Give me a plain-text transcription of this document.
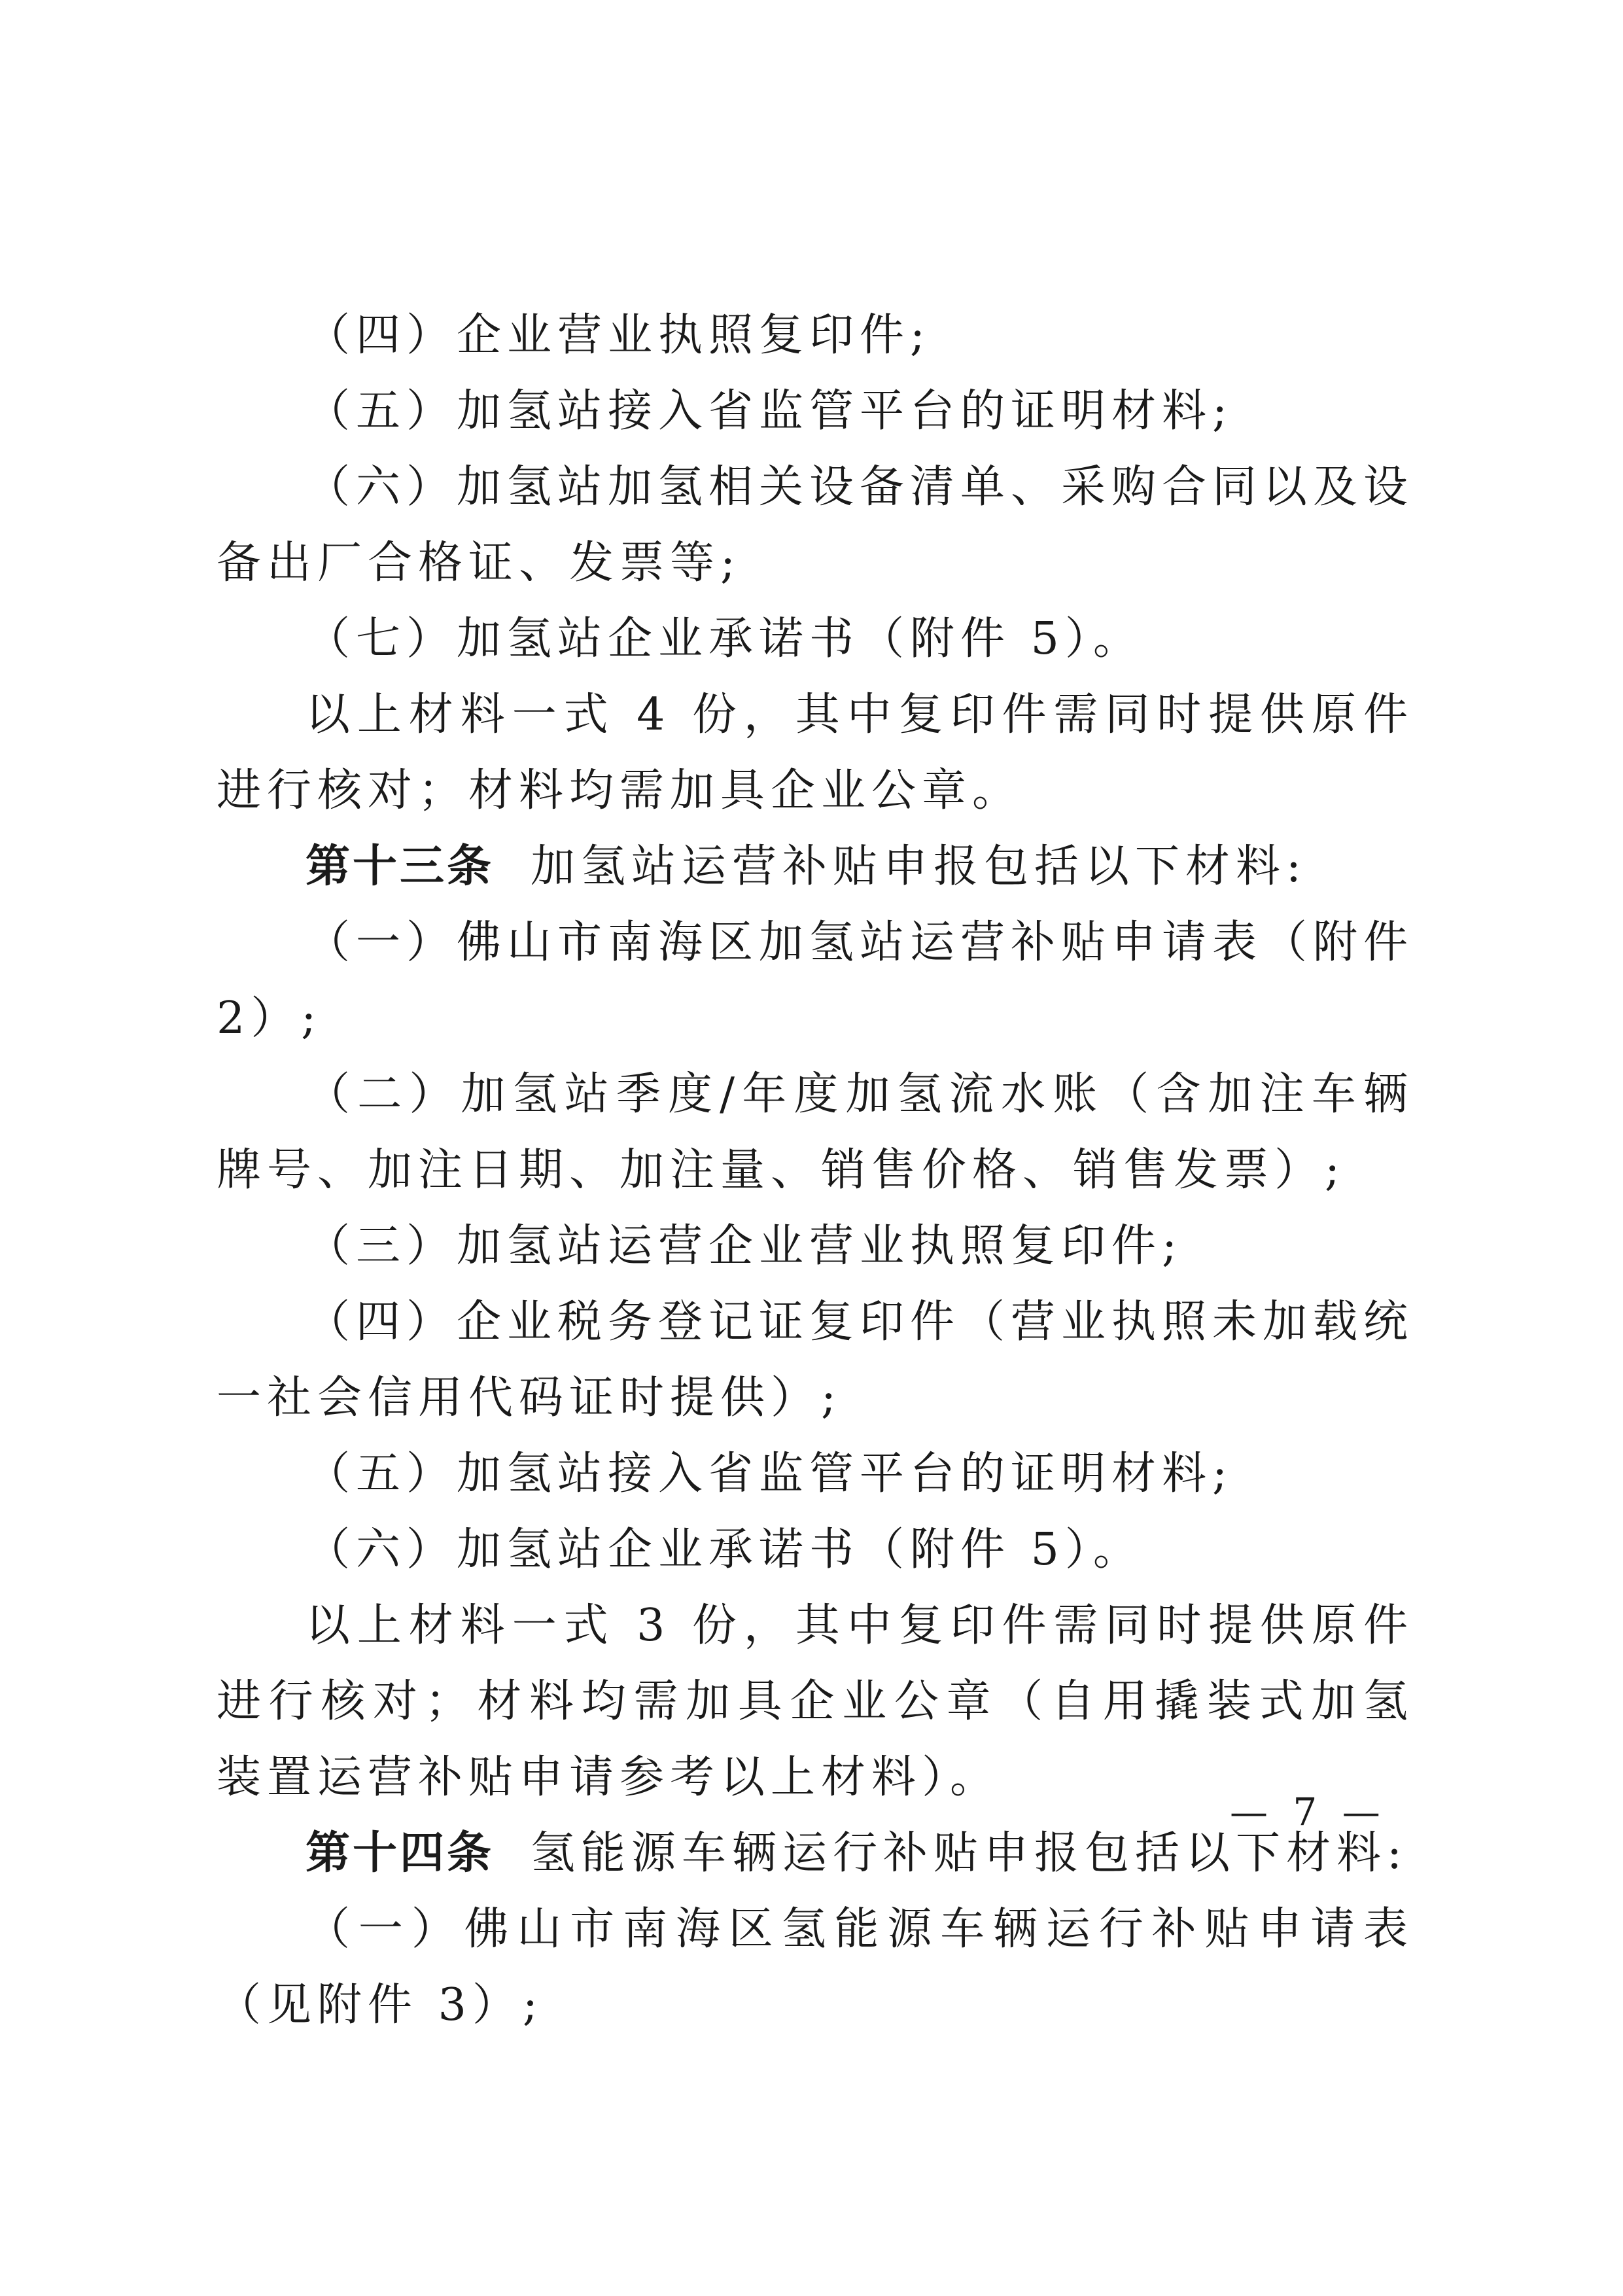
（四）企业营业执照复印件;

（五）加氢站接入省监管平台的证明材料;

（六）加氢站加氢相关设备清单、采购合同以及设备出厂合格证、发票等;

（七）加氢站企业承诺书（附件 5）。

以上材料一式 4 份，其中复印件需同时提供原件进行核对；材料均需加具企业公章。

第十三条 加氢站运营补贴申报包括以下材料:

（一）佛山市南海区加氢站运营补贴申请表（附件 2）;

（二）加氢站季度/年度加氢流水账（含加注车辆牌号、加注日期、加注量、销售价格、销售发票）;

（三）加氢站运营企业营业执照复印件;

（四）企业税务登记证复印件（营业执照未加载统一社会信用代码证时提供）;

（五）加氢站接入省监管平台的证明材料;

（六）加氢站企业承诺书（附件 5）。

以上材料一式 3 份，其中复印件需同时提供原件进行核对；材料均需加具企业公章（自用撬装式加氢装置运营补贴申请参考以上材料）。

第十四条 氢能源车辆运行补贴申报包括以下材料:

（一）佛山市南海区氢能源车辆运行补贴申请表（见附件 3）;

— 7 —
